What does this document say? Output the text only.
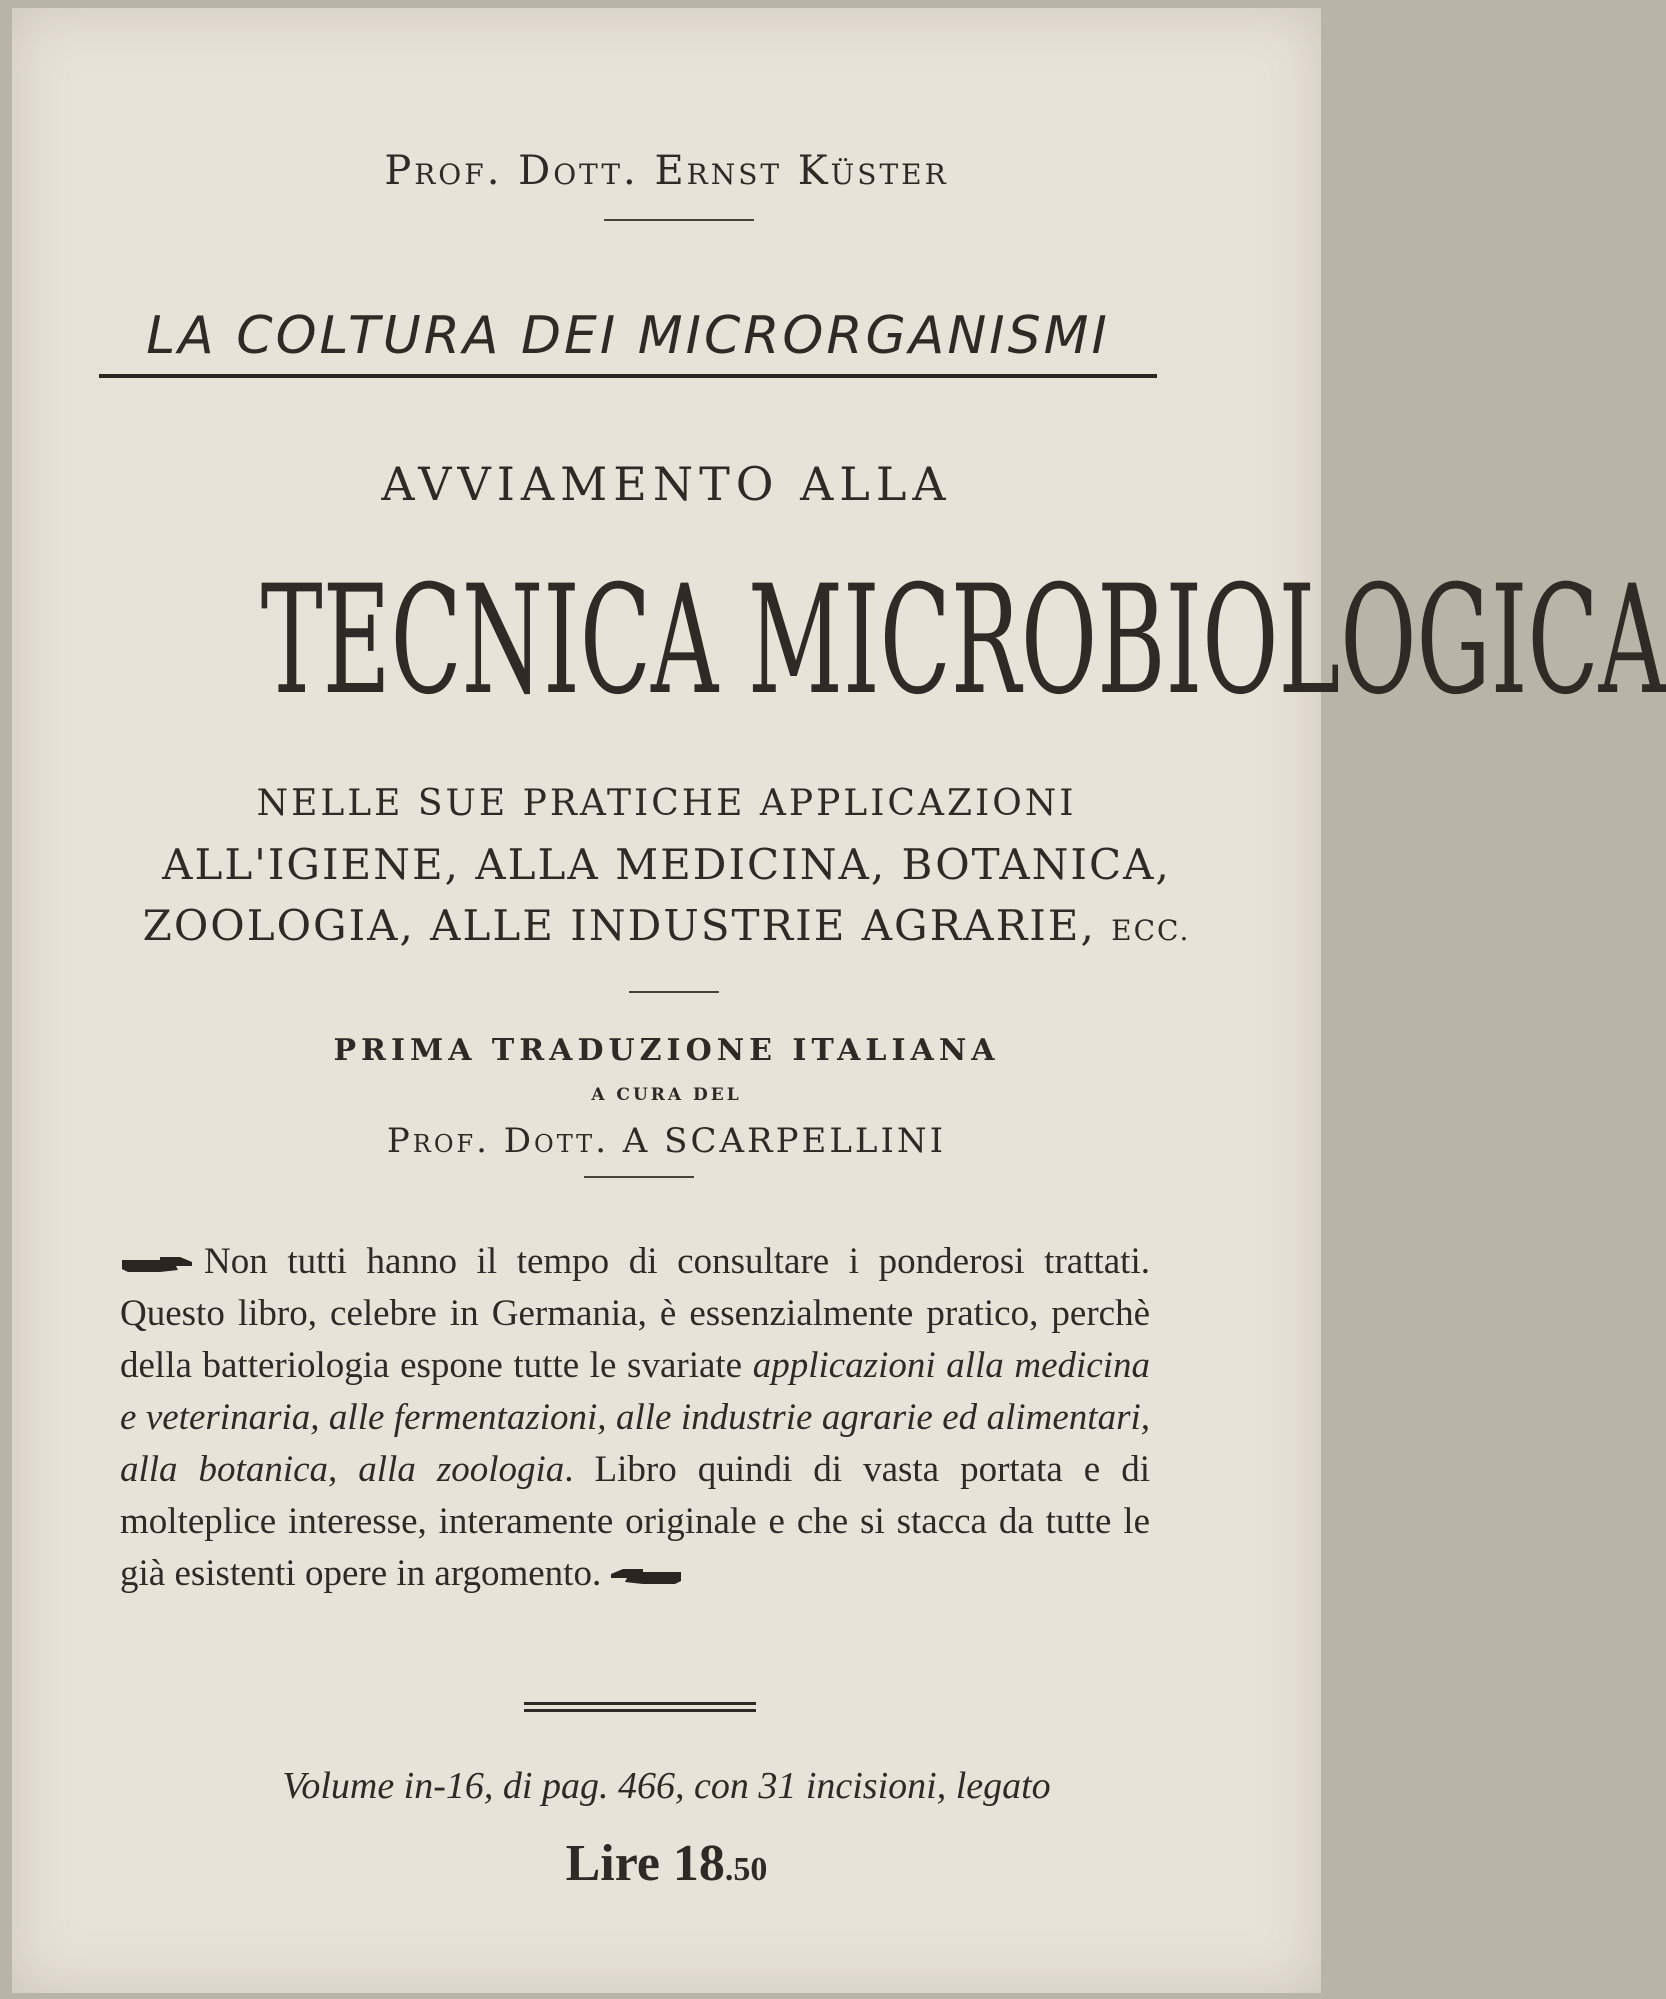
Prof. Dott. Ernst Küster
LA COLTURA DEI MICRORGANISMI
AVVIAMENTO ALLA
TECNICA MICROBIOLOGICA
NELLE SUE PRATICHE APPLICAZIONI
ALL'IGIENE, ALLA MEDICINA, BOTANICA,
ZOOLOGIA, ALLE INDUSTRIE AGRARIE, ECC.
PRIMA TRADUZIONE ITALIANA
A CURA DEL
Prof. Dott. A SCARPELLINI
Non tutti hanno il tempo di consultare i ponderosi trattati. Questo libro, celebre in Germania, è essenzialmente pratico, perchè della batteriologia espone tutte le svariate applicazioni alla medicina e veterinaria, alle fermentazioni, alle industrie agrarie ed alimentari, alla botanica, alla zoologia. Libro quindi di vasta portata e di molteplice interesse, interamente originale e che si stacca da tutte le già esistenti opere in argomento.
Volume in-16, di pag. 466, con 31 incisioni, legato
Lire 18.50
